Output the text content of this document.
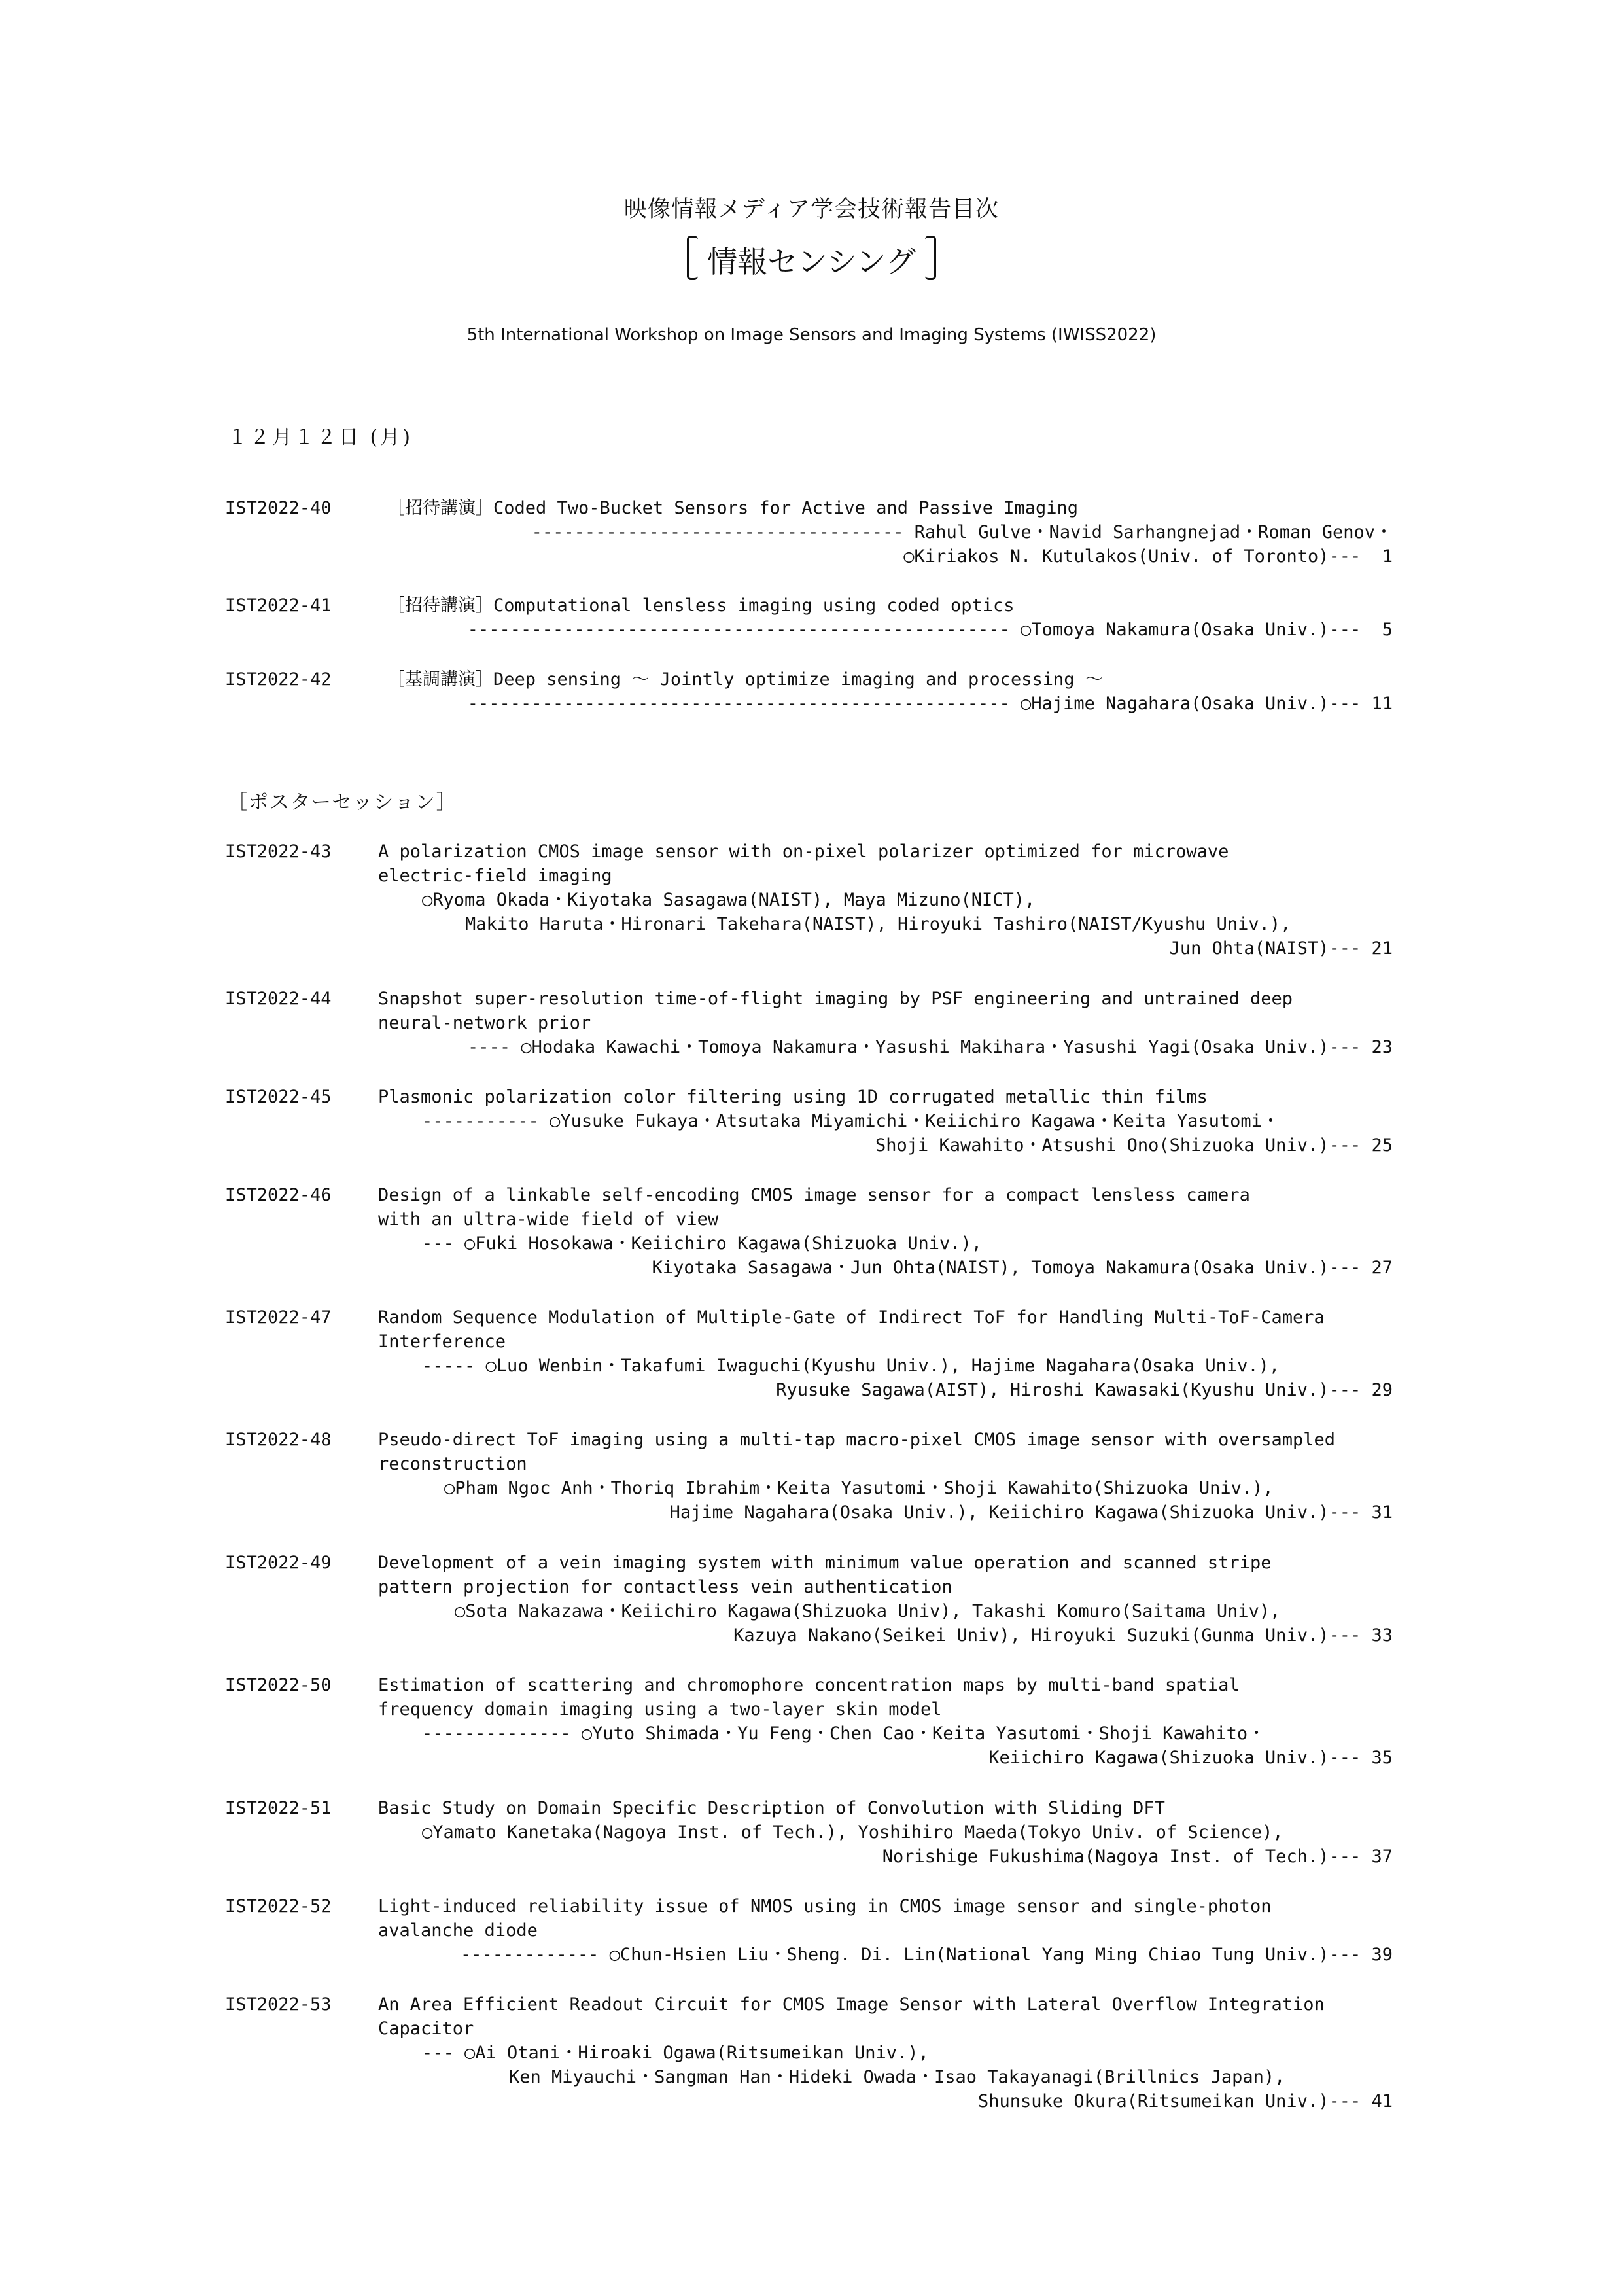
映像情報メディア学会技術報告目次
情報センシング
5th International Workshop on Image Sensors and Imaging Systems (IWISS2022)
１２月１２日 (月)
IST2022-40	［招待講演］Coded Two-Bucket Sensors for Active and Passive Imaging
----------------------------------- Rahul Gulve・Navid Sarhangnejad・Roman Genov・
○Kiriakos N. Kutulakos(Univ. of Toronto)---  1
IST2022-41	［招待講演］Computational lensless imaging using coded optics
--------------------------------------------------- ○Tomoya Nakamura(Osaka Univ.)---  5
IST2022-42	［基調講演］Deep sensing 〜 Jointly optimize imaging and processing 〜
--------------------------------------------------- ○Hajime Nagahara(Osaka Univ.)--- 11
［ポスターセッション］
IST2022-43	A polarization CMOS image sensor with on-pixel polarizer optimized for microwave
electric-field imaging
○Ryoma Okada・Kiyotaka Sasagawa(NAIST), Maya Mizuno(NICT),
Makito Haruta・Hironari Takehara(NAIST), Hiroyuki Tashiro(NAIST/Kyushu Univ.),
Jun Ohta(NAIST)--- 21
IST2022-44	Snapshot super-resolution time-of-flight imaging by PSF engineering and untrained deep
neural-network prior
---- ○Hodaka Kawachi・Tomoya Nakamura・Yasushi Makihara・Yasushi Yagi(Osaka Univ.)--- 23
IST2022-45	Plasmonic polarization color filtering using 1D corrugated metallic thin films
----------- ○Yusuke Fukaya・Atsutaka Miyamichi・Keiichiro Kagawa・Keita Yasutomi・
Shoji Kawahito・Atsushi Ono(Shizuoka Univ.)--- 25
IST2022-46	Design of a linkable self-encoding CMOS image sensor for a compact lensless camera
with an ultra-wide field of view
--- ○Fuki Hosokawa・Keiichiro Kagawa(Shizuoka Univ.),
Kiyotaka Sasagawa・Jun Ohta(NAIST), Tomoya Nakamura(Osaka Univ.)--- 27
IST2022-47	Random Sequence Modulation of Multiple-Gate of Indirect ToF for Handling Multi-ToF-Camera
Interference
----- ○Luo Wenbin・Takafumi Iwaguchi(Kyushu Univ.), Hajime Nagahara(Osaka Univ.),
Ryusuke Sagawa(AIST), Hiroshi Kawasaki(Kyushu Univ.)--- 29
IST2022-48	Pseudo-direct ToF imaging using a multi-tap macro-pixel CMOS image sensor with oversampled
reconstruction
○Pham Ngoc Anh・Thoriq Ibrahim・Keita Yasutomi・Shoji Kawahito(Shizuoka Univ.),
Hajime Nagahara(Osaka Univ.), Keiichiro Kagawa(Shizuoka Univ.)--- 31
IST2022-49	Development of a vein imaging system with minimum value operation and scanned stripe
pattern projection for contactless vein authentication
○Sota Nakazawa・Keiichiro Kagawa(Shizuoka Univ), Takashi Komuro(Saitama Univ),
Kazuya Nakano(Seikei Univ), Hiroyuki Suzuki(Gunma Univ.)--- 33
IST2022-50	Estimation of scattering and chromophore concentration maps by multi-band spatial
frequency domain imaging using a two-layer skin model
-------------- ○Yuto Shimada・Yu Feng・Chen Cao・Keita Yasutomi・Shoji Kawahito・
Keiichiro Kagawa(Shizuoka Univ.)--- 35
IST2022-51	Basic Study on Domain Specific Description of Convolution with Sliding DFT
○Yamato Kanetaka(Nagoya Inst. of Tech.), Yoshihiro Maeda(Tokyo Univ. of Science),
Norishige Fukushima(Nagoya Inst. of Tech.)--- 37
IST2022-52	Light-induced reliability issue of NMOS using in CMOS image sensor and single-photon
avalanche diode
------------- ○Chun-Hsien Liu・Sheng. Di. Lin(National Yang Ming Chiao Tung Univ.)--- 39
IST2022-53	An Area Efficient Readout Circuit for CMOS Image Sensor with Lateral Overflow Integration
Capacitor
--- ○Ai Otani・Hiroaki Ogawa(Ritsumeikan Univ.),
Ken Miyauchi・Sangman Han・Hideki Owada・Isao Takayanagi(Brillnics Japan),
Shunsuke Okura(Ritsumeikan Univ.)--- 41
